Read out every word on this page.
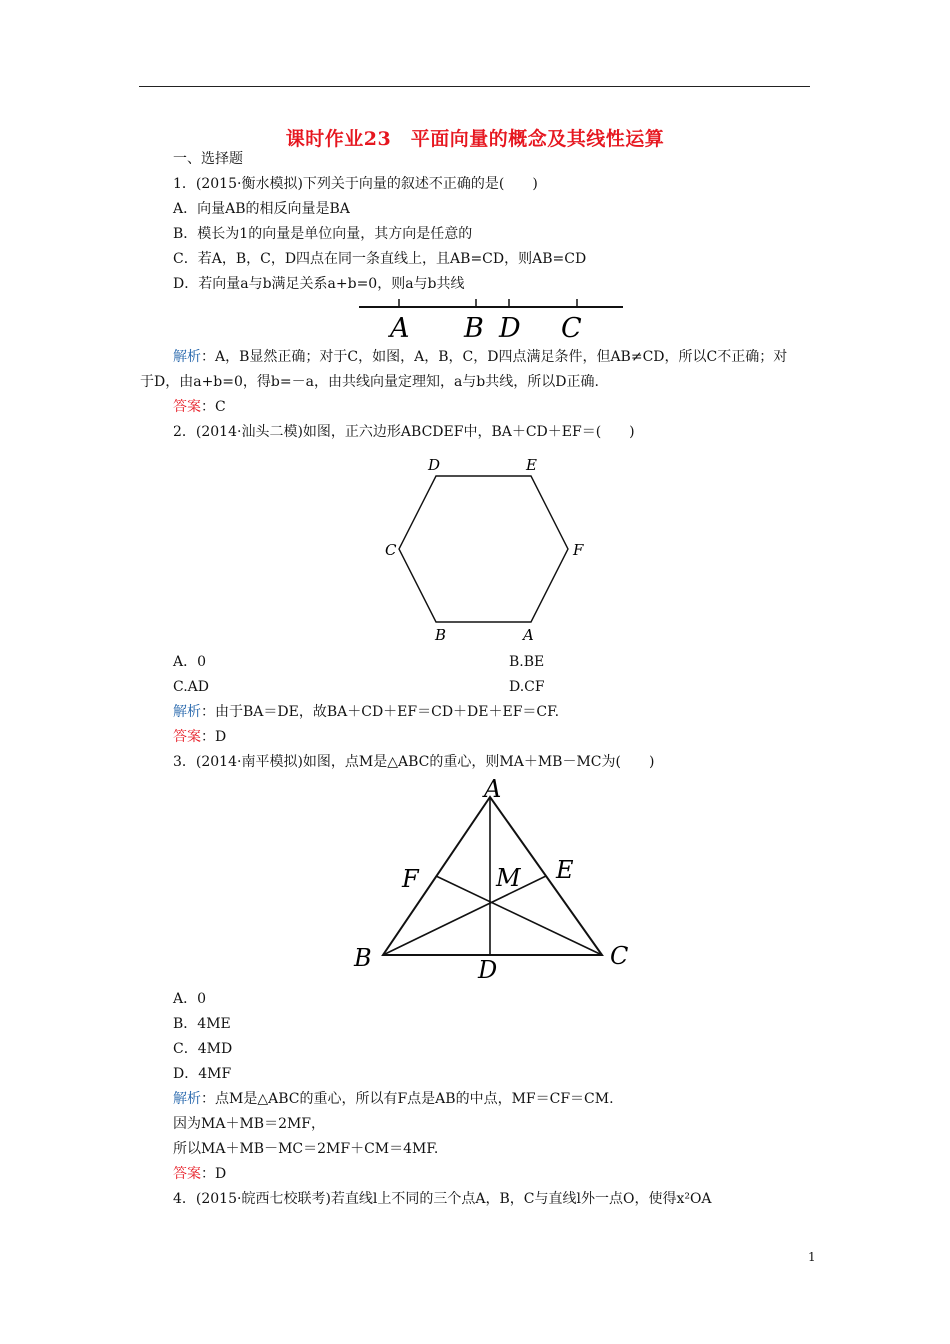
课时作业23　平面向量的概念及其线性运算
一、选择题
1．(2015·衡水模拟)下列关于向量的叙述不正确的是(　　)
A．向量AB的相反向量是BA
B．模长为1的向量是单位向量，其方向是任意的
C．若A，B，C，D四点在同一条直线上，且AB=CD，则AB=CD
D．若向量a与b满足关系a+b=0，则a与b共线
A B D C
解析：A，B显然正确；对于C，如图，A，B，C，D四点满足条件，但AB≠CD，所以C不正确；对
于D，由a+b=0，得b=－a，由共线向量定理知，a与b共线，所以D正确.
答案：C
2．(2014·汕头二模)如图，正六边形ABCDEF中，BA＋CD＋EF＝(　　)
D	E
C	F
B	A
A．0	B.BE
C.AD	D.CF
解析：由于BA＝DE，故BA＋CD＋EF＝CD＋DE＋EF＝CF.
答案：D
3．(2014·南平模拟)如图，点M是△ABC的重心，则MA＋MB－MC为(　　)
A
B	C
D
E
F	M
A．0
B．4ME
C．4MD
D．4MF
解析：点M是△ABC的重心，所以有F点是AB的中点，MF＝CF＝CM.
因为MA＋MB＝2MF，
所以MA＋MB－MC＝2MF＋CM＝4MF.
答案：D
4．(2015·皖西七校联考)若直线l上不同的三个点A，B，C与直线l外一点O，使得x²OA
1
